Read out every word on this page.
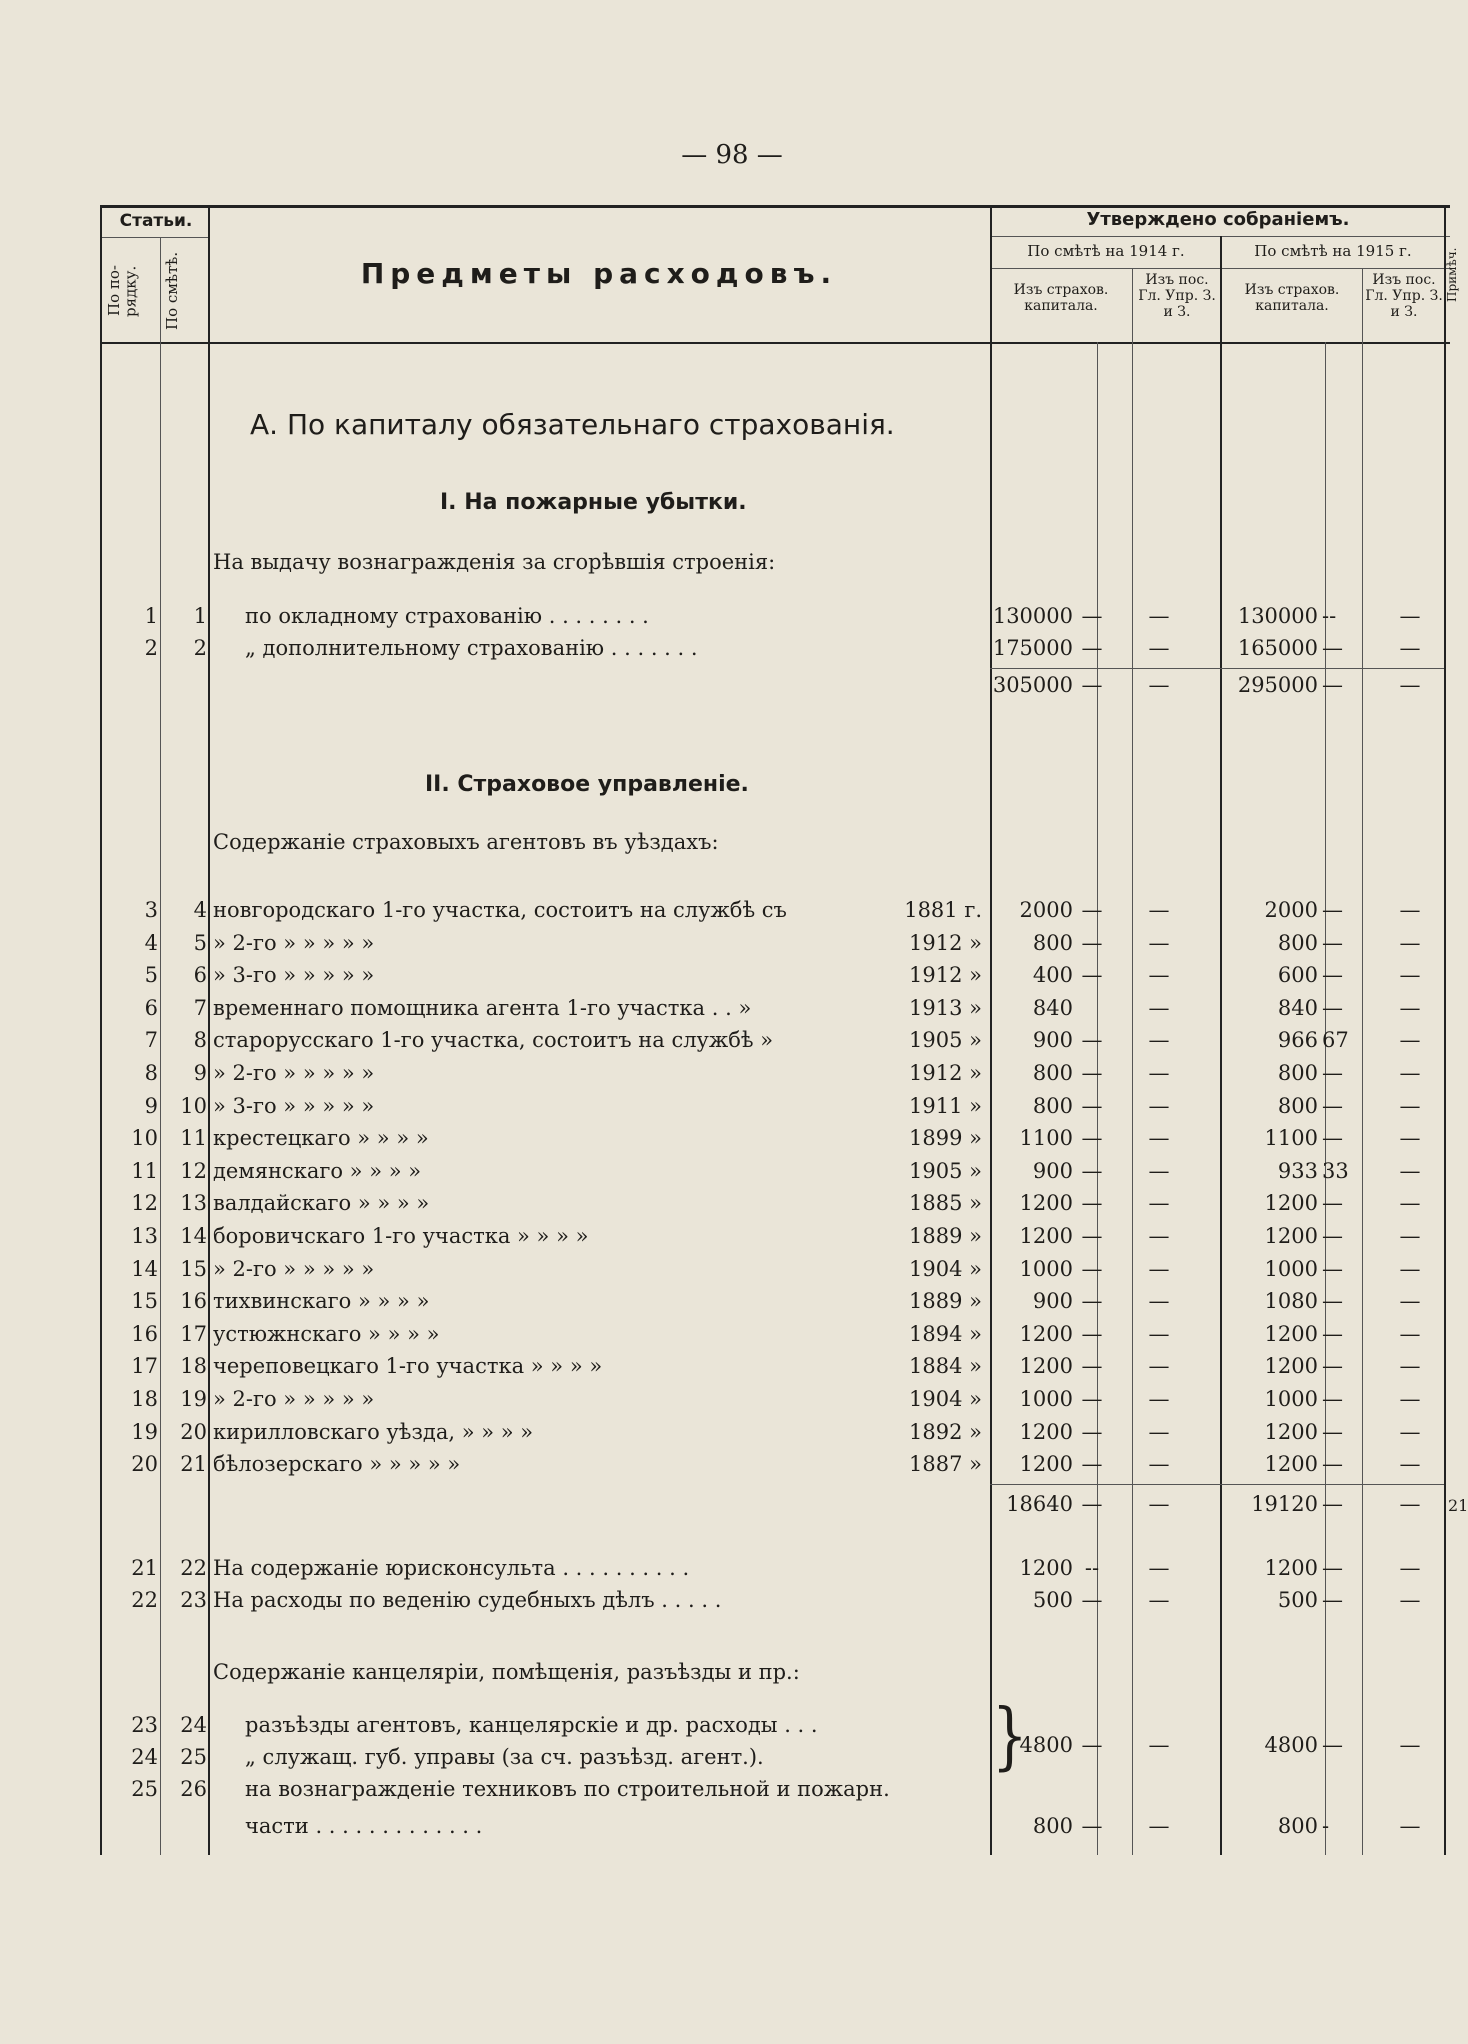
— 98 —
Статьи.
По по-рядку.	По смѣтѣ.	Предметы расходовъ.
Утверждено собраніемъ.
По смѣтѣ на 1914 г.	По смѣтѣ на 1915 г.
Изъ страхов. капитала.
Изъ пос. Гл. Упр. З. и З.
Изъ страхов. капитала.
Изъ пос. Гл. Упр. З. и З.
Примѣч.
А. По капиталу обязательнаго страхованія.
I. На пожарные убытки.
На выдачу вознагражденія за сгорѣвшія строенія:
1	1 по окладному страхованію . . . . . . . .	130000 —	—	130000 --	—
2	2 „ дополнительному страхованію . . . . . . .	175000 —	—	165000 —	—
305000 —	—	295000 —	—
II. Страховое управленіе.
Содержаніе страховыхъ агентовъ въ уѣздахъ:
3	4 новгородскаго 1-го участка, состоитъ на службѣ съ	1881 г.	2000 —	—	2000 —	—
4	5 » 2-го » » » » »	1912 »	800 —	—	800 —	—
5	6 » 3-го » » » » »	1912 »	400 —	—	600 —	—
6	7 временнаго помощника агента 1-го участка . . »	1913 »	840	—	840 —	—
7	8 старорусскаго 1-го участка, состоитъ на службѣ »	1905 »	900 —	—	966 67	—
8	9 » 2-го » » » » »	1912 »	800 —	—	800 —	—
9	10 » 3-го » » » » »	1911 »	800 —	—	800 —	—
10	11 крестецкаго » » » »	1899 »	1100 —	—	1100 —	—
11	12 демянскаго » » » »	1905 »	900 —	—	933 33	—
12	13 валдайскаго » » » »	1885 »	1200 —	—	1200 —	—
13	14 боровичскаго 1-го участка » » » »	1889 »	1200 —	—	1200 —	—
14	15 » 2-го » » » » »	1904 »	1000 —	—	1000 —	—
15	16 тихвинскаго » » » »	1889 »	900 —	—	1080 —	—
16	17 устюжнскаго » » » »	1894 »	1200 —	—	1200 —	—
17	18 череповецкаго 1-го участка » » » »	1884 »	1200 —	—	1200 —	—
18	19 » 2-го » » » » »	1904 »	1000 —	—	1000 —	—
19	20 кирилловскаго уѣзда, » » » »	1892 »	1200 —	—	1200 —	—
20	21 бѣлозерскаго » » » » »	1887 »	1200 —	—	1200 —	—
18640 —	—	19120 —	—	21
21	22 На содержаніе юрисконсульта . . . . . . . . . .	1200 --	—	1200 —	—
22	23 На расходы по веденію судебныхъ дѣлъ . . . . .	500 —	—	500 —	—
Содержаніе канцеляріи, помѣщенія, разъѣзды и пр.:
23	24 разъѣзды агентовъ, канцелярскіе и др. расходы . . .
24	25 „ служащ. губ. управы (за сч. разъѣзд. агент.).
25	26 на вознагражденіе техниковъ по строительной и пожарн.
}
4800 —	—	4800 —	—
части . . . . . . . . . . . . .	800 —	—	800 -	—
